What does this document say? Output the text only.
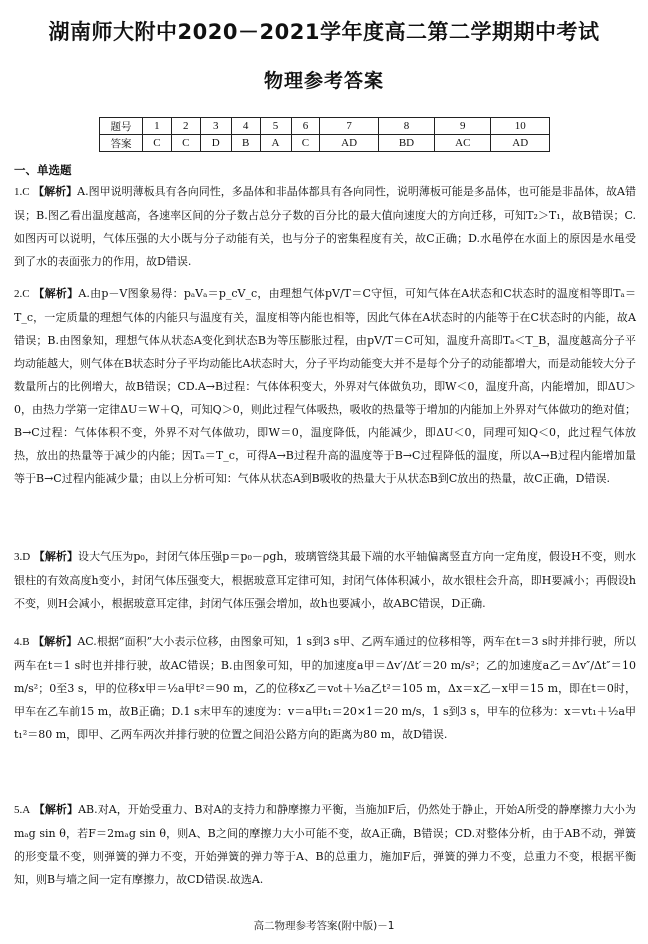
湖南师大附中2020－2021学年度高二第二学期期中考试
物理参考答案
题号	1	2	3	4	5	6	7	8	9	10
答案	C	C	D	B	A	C	AD	BD	AC	AD
一、单选题
1.C 【解析】A.图甲说明薄板具有各向同性，多晶体和非晶体都具有各向同性，说明薄板可能是多晶体，也可能是非晶体，故A错误；B.图乙看出温度越高，各速率区间的分子数占总分子数的百分比的最大值向速度大的方向迁移，可知T₂＞T₁，故B错误；C.如图丙可以说明，气体压强的大小既与分子动能有关，也与分子的密集程度有关，故C正确；D.水黾停在水面上的原因是水黾受到了水的表面张力的作用，故D错误.
2.C 【解析】A.由p－V图象易得：pₐVₐ＝p_cV_c，由理想气体pV/T＝C守恒，可知气体在A状态和C状态时的温度相等即Tₐ＝T_c，一定质量的理想气体的内能只与温度有关，温度相等内能也相等，因此气体在A状态时的内能等于在C状态时的内能，故A错误；B.由图象知，理想气体从状态A变化到状态B为等压膨胀过程，由pV/T＝C可知，温度升高即Tₐ＜T_B，温度越高分子平均动能越大，则气体在B状态时分子平均动能比A状态时大，分子平均动能变大并不是每个分子的动能都增大，而是动能较大分子数量所占的比例增大，故B错误；CD.A→B过程：气体体积变大，外界对气体做负功，即W＜0，温度升高，内能增加，即ΔU＞0，由热力学第一定律ΔU＝W＋Q，可知Q＞0，则此过程气体吸热，吸收的热量等于增加的内能加上外界对气体做功的绝对值；B→C过程：气体体积不变，外界不对气体做功，即W＝0，温度降低，内能减少，即ΔU＜0，同理可知Q＜0，此过程气体放热，放出的热量等于减少的内能；因Tₐ＝T_c，可得A→B过程升高的温度等于B→C过程降低的温度，所以A→B过程内能增加量等于B→C过程内能减少量；由以上分析可知：气体从状态A到B吸收的热量大于从状态B到C放出的热量，故C正确，D错误.
3.D 【解析】设大气压为p₀，封闭气体压强p＝p₀－ρgh，玻璃管绕其最下端的水平轴偏离竖直方向一定角度，假设H不变，则水银柱的有效高度h变小，封闭气体压强变大，根据玻意耳定律可知，封闭气体体积减小，故水银柱会升高，即H要减小；再假设h不变，则H会减小，根据玻意耳定律，封闭气体压强会增加，故h也要减小，故ABC错误，D正确.
4.B 【解析】AC.根据“面积”大小表示位移，由图象可知，1 s到3 s甲、乙两车通过的位移相等，两车在t＝3 s时并排行驶，所以两车在t＝1 s时也并排行驶，故AC错误；B.由图象可知，甲的加速度a甲＝Δv′/Δt′＝20 m/s²；乙的加速度a乙＝Δv″/Δt″＝10 m/s²；0至3 s，甲的位移x甲＝½a甲t²＝90 m，乙的位移x乙＝v₀t＋½a乙t²＝105 m，Δx＝x乙－x甲＝15 m，即在t＝0时，甲车在乙车前15 m，故B正确；D.1 s末甲车的速度为：v＝a甲t₁＝20×1＝20 m/s，1 s到3 s，甲车的位移为：x＝vt₁＋½a甲t₁²＝80 m，即甲、乙两车两次并排行驶的位置之间沿公路方向的距离为80 m，故D错误.
5.A 【解析】AB.对A，开始受重力、B对A的支持力和静摩擦力平衡，当施加F后，仍然处于静止，开始A所受的静摩擦力大小为mₐg sin θ，若F＝2mₐg sin θ，则A、B之间的摩擦力大小可能不变，故A正确，B错误；CD.对整体分析，由于AB不动，弹簧的形变量不变，则弹簧的弹力不变，开始弹簧的弹力等于A、B的总重力，施加F后，弹簧的弹力不变，总重力不变，根据平衡知，则B与墙之间一定有摩擦力，故CD错误.故选A.
高二物理参考答案(附中版)－1
